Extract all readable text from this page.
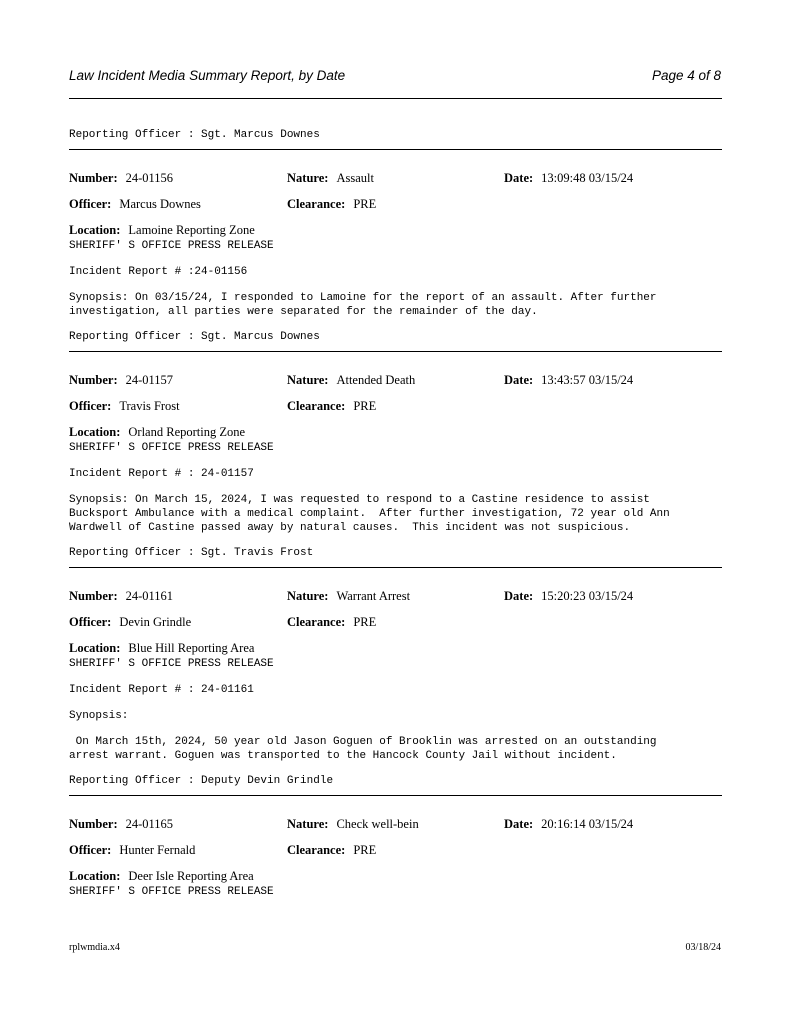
Law Incident Media Summary Report, by Date	Page 4 of 8
Reporting Officer : Sgt. Marcus Downes
Number: 24-01156	Nature: Assault	Date: 13:09:48 03/15/24
Officer: Marcus Downes	Clearance: PRE
Location: Lamoine Reporting Zone
SHERIFF' S OFFICE PRESS RELEASE
Incident Report # :24-01156
Synopsis: On 03/15/24, I responded to Lamoine for the report of an assault. After further
investigation, all parties were separated for the remainder of the day.
Reporting Officer : Sgt. Marcus Downes
Number: 24-01157	Nature: Attended Death	Date: 13:43:57 03/15/24
Officer: Travis Frost	Clearance: PRE
Location: Orland Reporting Zone
SHERIFF' S OFFICE PRESS RELEASE
Incident Report # : 24-01157
Synopsis: On March 15, 2024, I was requested to respond to a Castine residence to assist
Bucksport Ambulance with a medical complaint.  After further investigation, 72 year old Ann
Wardwell of Castine passed away by natural causes.  This incident was not suspicious.
Reporting Officer : Sgt. Travis Frost
Number: 24-01161	Nature: Warrant Arrest	Date: 15:20:23 03/15/24
Officer: Devin Grindle	Clearance: PRE
Location: Blue Hill Reporting Area
SHERIFF' S OFFICE PRESS RELEASE
Incident Report # : 24-01161
Synopsis:
On March 15th, 2024, 50 year old Jason Goguen of Brooklin was arrested on an outstanding
arrest warrant. Goguen was transported to the Hancock County Jail without incident.
Reporting Officer : Deputy Devin Grindle
Number: 24-01165	Nature: Check well-bein	Date: 20:16:14 03/15/24
Officer: Hunter Fernald	Clearance: PRE
Location: Deer Isle Reporting Area
SHERIFF' S OFFICE PRESS RELEASE
rplwmdia.x4	03/18/24
